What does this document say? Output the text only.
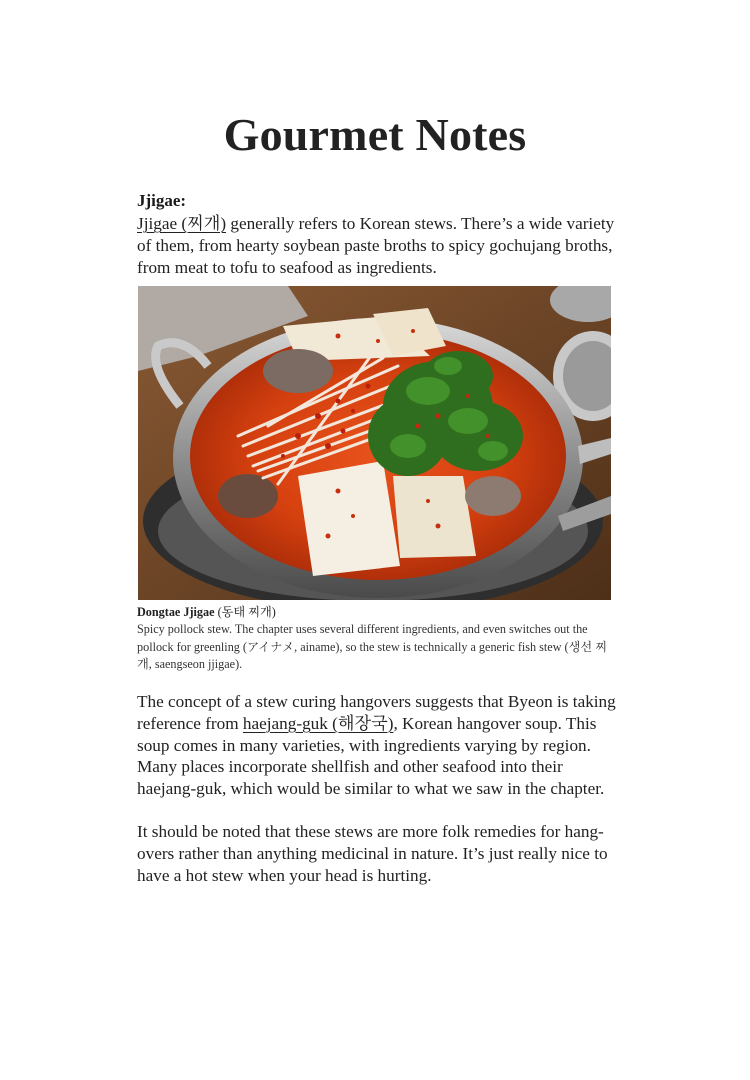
Gourmet Notes
Jjigae:

Jjigae (찌개) generally refers to Korean stews. There’s a wide variety of them, from hearty soybean paste broths to spicy gochujang broths, from meat to tofu to seafood as ingredients.

Dongtae Jjigae (동태 찌개)

Spicy pollock stew. The chapter uses several different ingredients, and even switches out the pollock for greenling (アイナメ, ainame), so the stew is technically a generic fish stew (생선 찌개, saengseon jjigae).

The concept of a stew curing hangovers suggests that Byeon is taking reference from haejang-guk (해장국), Korean hangover soup. This soup comes in many varieties, with ingredients varying by region. Many places incorporate shellfish and other seafood into their haejang-guk, which would be similar to what we saw in the chapter.

It should be noted that these stews are more folk remedies for hang-overs rather than anything medicinal in nature. It’s just really nice to have a hot stew when your head is hurting.
